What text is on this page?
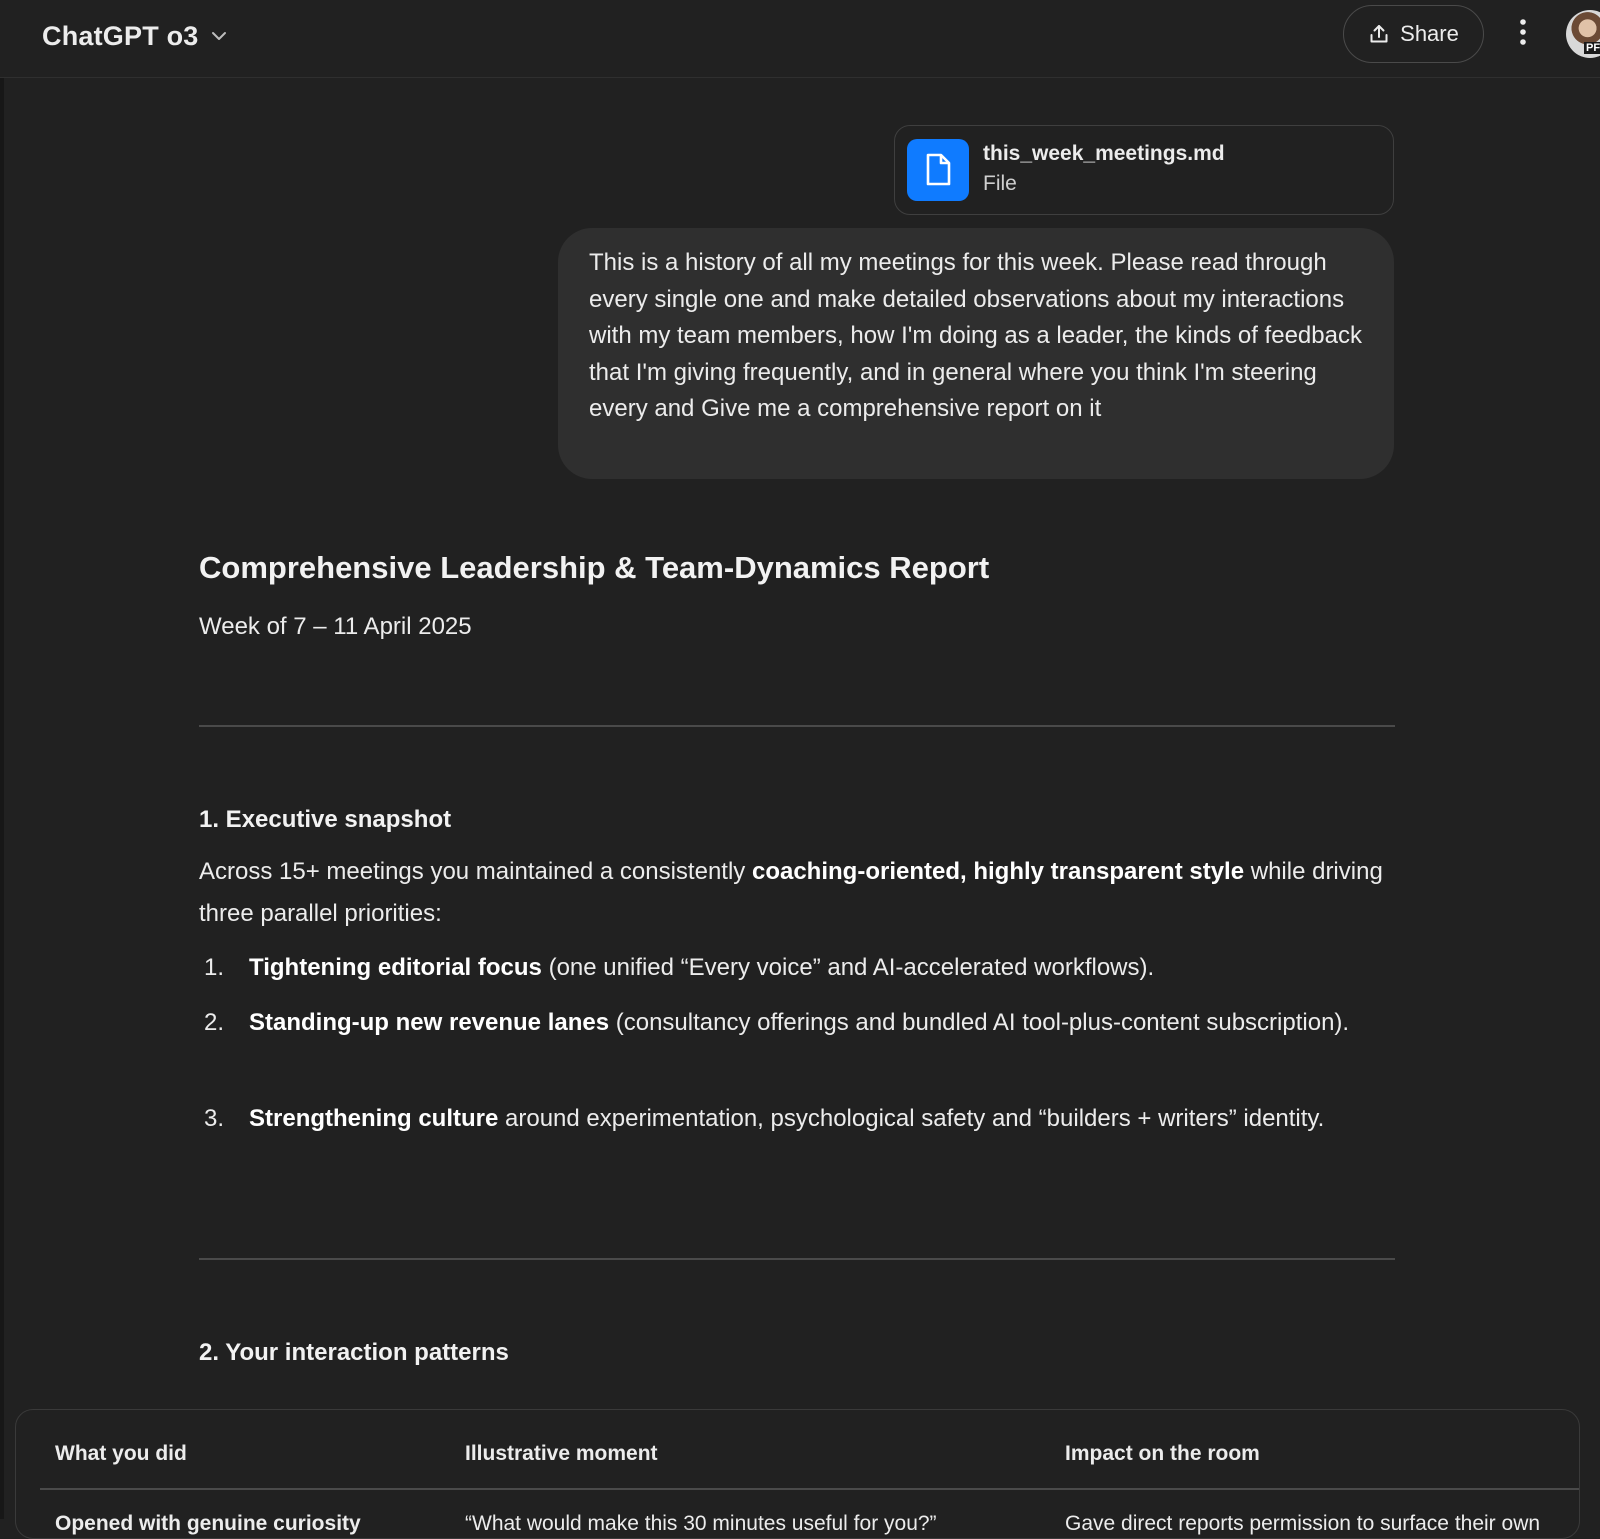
ChatGPT o3	Share
PF
this_week_meetings.md
File
This is a history of all my meetings for this week. Please read through every single one and make detailed observations about my interactions with my team members, how I'm doing as a leader, the kinds of feedback that I'm giving frequently, and in general where you think I'm steering every and Give me a comprehensive report on it
Comprehensive Leadership & Team-Dynamics Report

Week of 7 – 11 April 2025

1. Executive snapshot

Across 15+ meetings you maintained a consistently coaching-oriented, highly transparent style while driving three parallel priorities:

1. Tightening editorial focus (one unified “Every voice” and AI-accelerated workflows).
2. Standing-up new revenue lanes (consultancy offerings and bundled AI tool-plus-content subscription).
3. Strengthening culture around experimentation, psychological safety and “builders + writers” identity.
2. Your interaction patterns
What you did	Illustrative moment	Impact on the room
Opened with genuine curiosity	“What would make this 30 minutes useful for you?”	Gave direct reports permission to surface their own
